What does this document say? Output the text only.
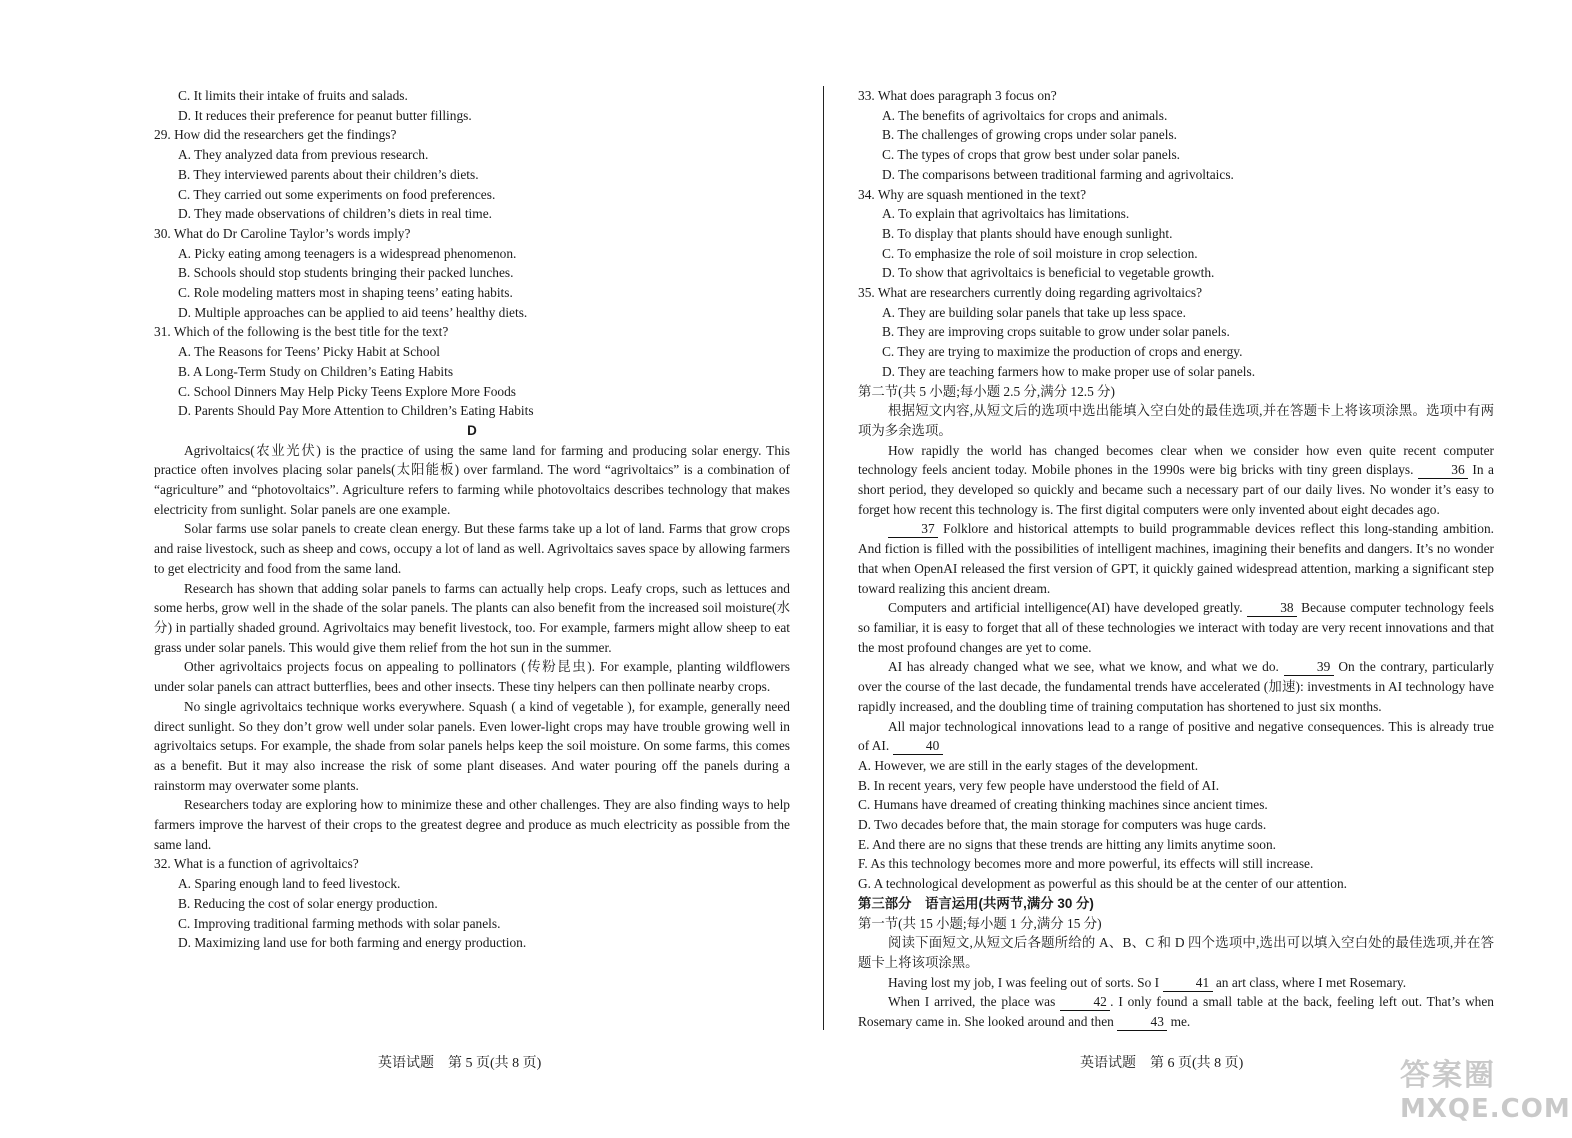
C. It limits their intake of fruits and salads.

D. It reduces their preference for peanut butter fillings.

29. How did the researchers get the findings?

A. They analyzed data from previous research.

B. They interviewed parents about their children’s diets.

C. They carried out some experiments on food preferences.

D. They made observations of children’s diets in real time.

30. What do Dr Caroline Taylor’s words imply?

A. Picky eating among teenagers is a widespread phenomenon.

B. Schools should stop students bringing their packed lunches.

C. Role modeling matters most in shaping teens’ eating habits.

D. Multiple approaches can be applied to aid teens’ healthy diets.

31. Which of the following is the best title for the text?

A. The Reasons for Teens’ Picky Habit at School

B. A Long-Term Study on Children’s Eating Habits

C. School Dinners May Help Picky Teens Explore More Foods

D. Parents Should Pay More Attention to Children’s Eating Habits

D

Agrivoltaics(农业光伏) is the practice of using the same land for farming and producing solar energy. This practice often involves placing solar panels(太阳能板) over farmland. The word “agrivoltaics” is a combination of “agriculture” and “photovoltaics”. Agriculture refers to farming while photovoltaics describes technology that makes electricity from sunlight. Solar panels are one example.

Solar farms use solar panels to create clean energy. But these farms take up a lot of land. Farms that grow crops and raise livestock, such as sheep and cows, occupy a lot of land as well. Agrivoltaics saves space by allowing farmers to get electricity and food from the same land.

Research has shown that adding solar panels to farms can actually help crops. Leafy crops, such as lettuces and some herbs, grow well in the shade of the solar panels. The plants can also benefit from the increased soil moisture(水分) in partially shaded ground. Agrivoltaics may benefit livestock, too. For example, farmers might allow sheep to eat grass under solar panels. This would give them relief from the hot sun in the summer.

Other agrivoltaics projects focus on appealing to pollinators (传粉昆虫). For example, planting wildflowers under solar panels can attract butterflies, bees and other insects. These tiny helpers can then pollinate nearby crops.

No single agrivoltaics technique works everywhere. Squash ( a kind of vegetable ), for example, generally need direct sunlight. So they don’t grow well under solar panels. Even lower-light crops may have trouble growing well in agrivoltaics setups. For example, the shade from solar panels helps keep the soil moisture. On some farms, this comes as a benefit. But it may also increase the risk of some plant diseases. And water pouring off the panels during a rainstorm may overwater some plants.

Researchers today are exploring how to minimize these and other challenges. They are also finding ways to help farmers improve the harvest of their crops to the greatest degree and produce as much electricity as possible from the same land.

32. What is a function of agrivoltaics?

A. Sparing enough land to feed livestock.

B. Reducing the cost of solar energy production.

C. Improving traditional farming methods with solar panels.

D. Maximizing land use for both farming and energy production.

33. What does paragraph 3 focus on?

A. The benefits of agrivoltaics for crops and animals.

B. The challenges of growing crops under solar panels.

C. The types of crops that grow best under solar panels.

D. The comparisons between traditional farming and agrivoltaics.

34. Why are squash mentioned in the text?

A. To explain that agrivoltaics has limitations.

B. To display that plants should have enough sunlight.

C. To emphasize the role of soil moisture in crop selection.

D. To show that agrivoltaics is beneficial to vegetable growth.

35. What are researchers currently doing regarding agrivoltaics?

A. They are building solar panels that take up less space.

B. They are improving crops suitable to grow under solar panels.

C. They are trying to maximize the production of crops and energy.

D. They are teaching farmers how to make proper use of solar panels.

第二节(共 5 小题;每小题 2.5 分,满分 12.5 分)

根据短文内容,从短文后的选项中选出能填入空白处的最佳选项,并在答题卡上将该项涂黑。选项中有两项为多余选项。

How rapidly the world has changed becomes clear when we consider how even quite recent computer technology feels ancient today. Mobile phones in the 1990s were big bricks with tiny green displays.	36 In a short period, they developed so quickly and became such a necessary part of our daily lives. No wonder it’s easy to forget how recent this technology is. The first digital computers were only invented about eight decades ago.

37 Folklore and historical attempts to build programmable devices reflect this long-standing ambition. And fiction is filled with the possibilities of intelligent machines, imagining their benefits and dangers. It’s no wonder that when OpenAI released the first version of GPT, it quickly gained widespread attention, marking a significant step toward realizing this ancient dream.

Computers and artificial intelligence(AI) have developed greatly.	38 Because computer technology feels so familiar, it is easy to forget that all of these technologies we interact with today are very recent innovations and that the most profound changes are yet to come.

AI has already changed what we see, what we know, and what we do.	39 On the contrary, particularly over the course of the last decade, the fundamental trends have accelerated (加速): investments in AI technology have rapidly increased, and the doubling time of training computation has shortened to just six months.

All major technological innovations lead to a range of positive and negative consequences. This is already true of AI.	40

A. However, we are still in the early stages of the development.

B. In recent years, very few people have understood the field of AI.

C. Humans have dreamed of creating thinking machines since ancient times.

D. Two decades before that, the main storage for computers was huge cards.

E. And there are no signs that these trends are hitting any limits anytime soon.

F. As this technology becomes more and more powerful, its effects will still increase.

G. A technological development as powerful as this should be at the center of our attention.

第三部分　语言运用(共两节,满分 30 分)

第一节(共 15 小题;每小题 1 分,满分 15 分)

阅读下面短文,从短文后各题所给的 A、B、C 和 D 四个选项中,选出可以填入空白处的最佳选项,并在答题卡上将该项涂黑。

Having lost my job, I was feeling out of sorts. So I	41 an art class, where I met Rosemary.

When I arrived, the place was	42 . I only found a small table at the back, feeling left out. That’s when Rosemary came in. She looked around and then	43 me.

英语试题　第 5 页(共 8 页)	英语试题　第 6 页(共 8 页)	答案圈
MXQE.COM
